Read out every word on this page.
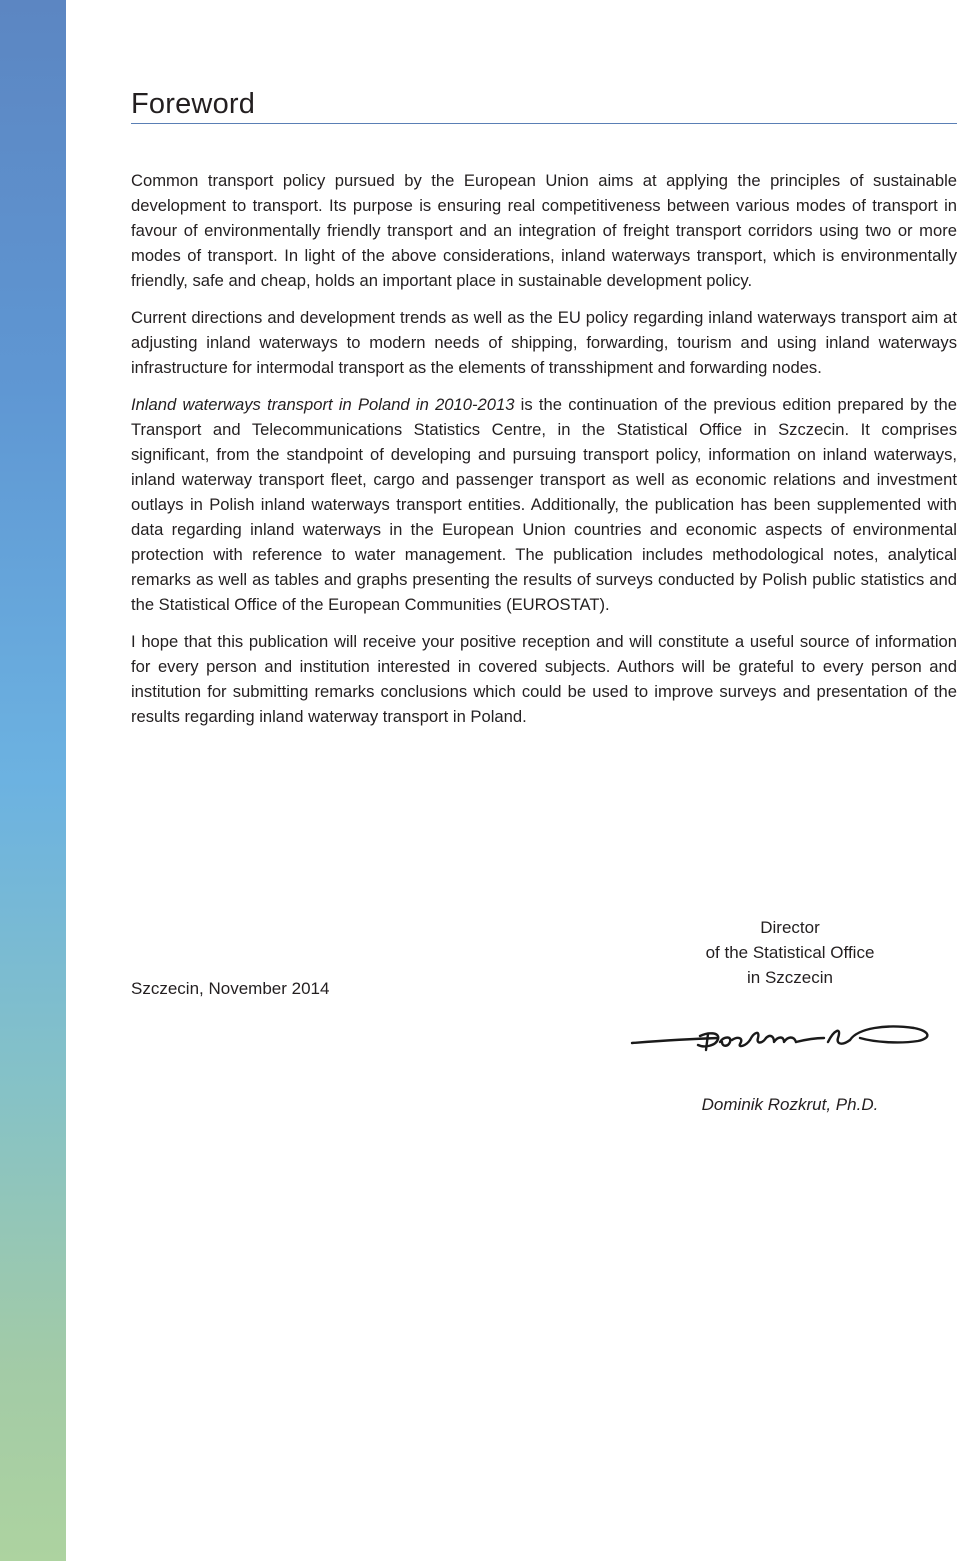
Foreword

Common transport policy pursued by the European Union aims at applying the principles of sustainable development to transport. Its purpose is ensuring real competitiveness between various modes of transport in favour of environmentally friendly transport and an integration of freight transport corridors using two or more modes of transport. In light of the above considerations, inland waterways transport, which is environmentally friendly, safe and cheap, holds an important place in sustainable development policy.

Current directions and development trends as well as the EU policy regarding inland waterways transport aim at adjusting inland waterways to modern needs of shipping, forwarding, tourism and using inland waterways infrastructure for intermodal transport as the elements of transshipment and forwarding nodes.

Inland waterways transport in Poland in 2010-2013 is the continuation of the previous edition prepared by the Transport and Telecommunications Statistics Centre, in the Statistical Office in Szczecin. It comprises significant, from the standpoint of developing and pursuing transport policy, information on inland waterways, inland waterway transport fleet, cargo and passenger transport as well as economic relations and investment outlays in Polish inland waterways transport entities. Additionally, the publication has been supplemented with data regarding inland waterways in the European Union countries and economic aspects of environmental protection with reference to water management. The publication includes methodological notes, analytical remarks as well as tables and graphs presenting the results of surveys conducted by Polish public statistics and the Statistical Office of the European Communities (EUROSTAT).

I hope that this publication will receive your positive reception and will constitute a useful source of information for every person and institution interested in covered subjects. Authors will be grateful to every person and institution for submitting remarks conclusions which could be used to improve surveys and presentation of the results regarding inland waterway transport in Poland.

Szczecin, November 2014

Director
of the Statistical Office
in Szczecin

Dominik Rozkrut, Ph.D.
